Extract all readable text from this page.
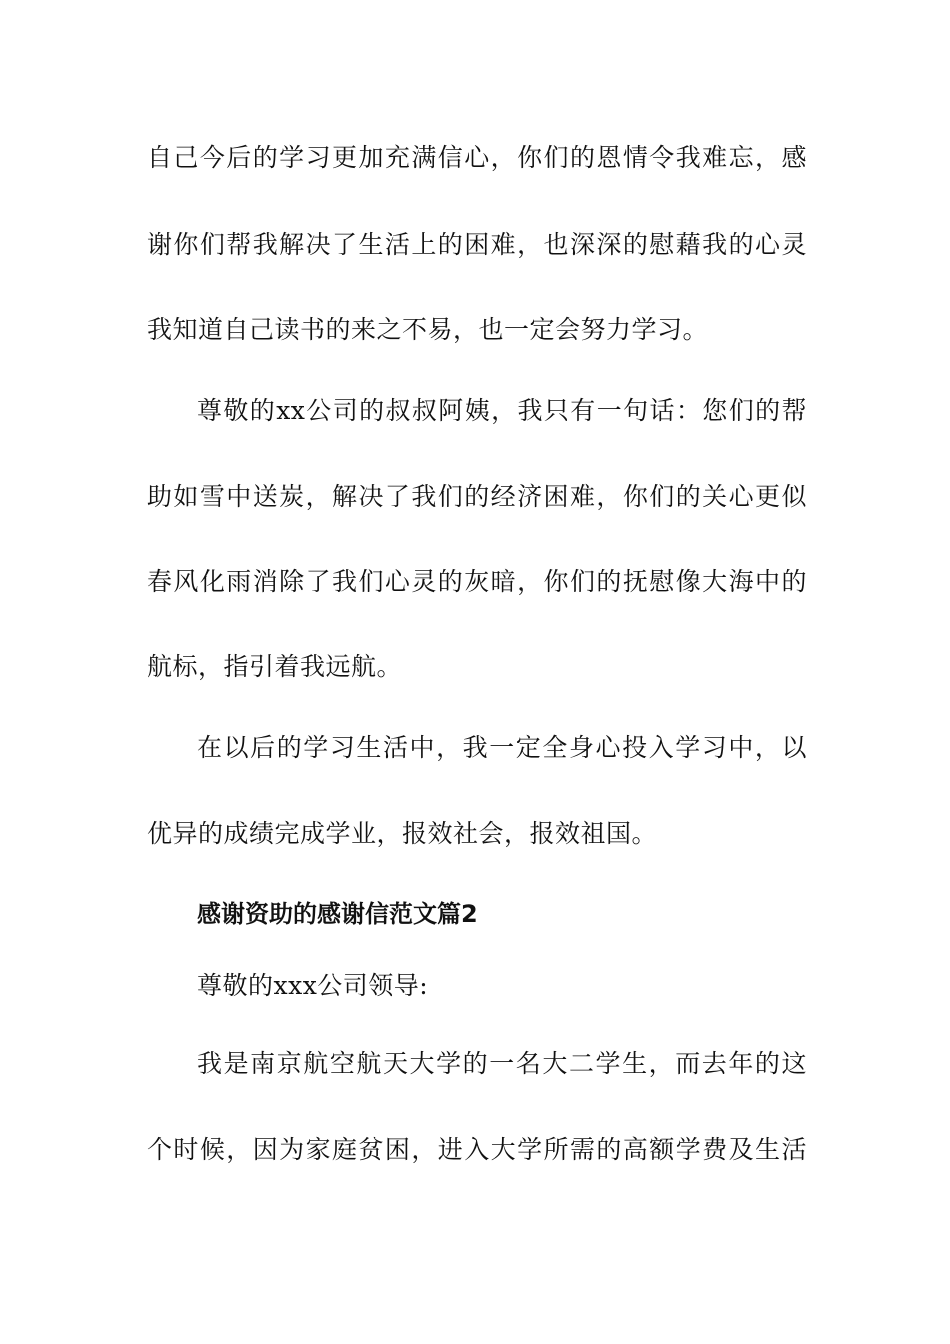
自己今后的学习更加充满信心，你们的恩情令我难忘，感
谢你们帮我解决了生活上的困难，也深深的慰藉我的心灵
我知道自己读书的来之不易，也一定会努力学习。
尊敬的xx公司的叔叔阿姨，我只有一句话：您们的帮
助如雪中送炭，解决了我们的经济困难，你们的关心更似
春风化雨消除了我们心灵的灰暗，你们的抚慰像大海中的
航标，指引着我远航。
在以后的学习生活中，我一定全身心投入学习中，以
优异的成绩完成学业，报效社会，报效祖国。
感谢资助的感谢信范文篇2
尊敬的xxx公司领导:
我是南京航空航天大学的一名大二学生，而去年的这
个时候，因为家庭贫困，进入大学所需的高额学费及生活
